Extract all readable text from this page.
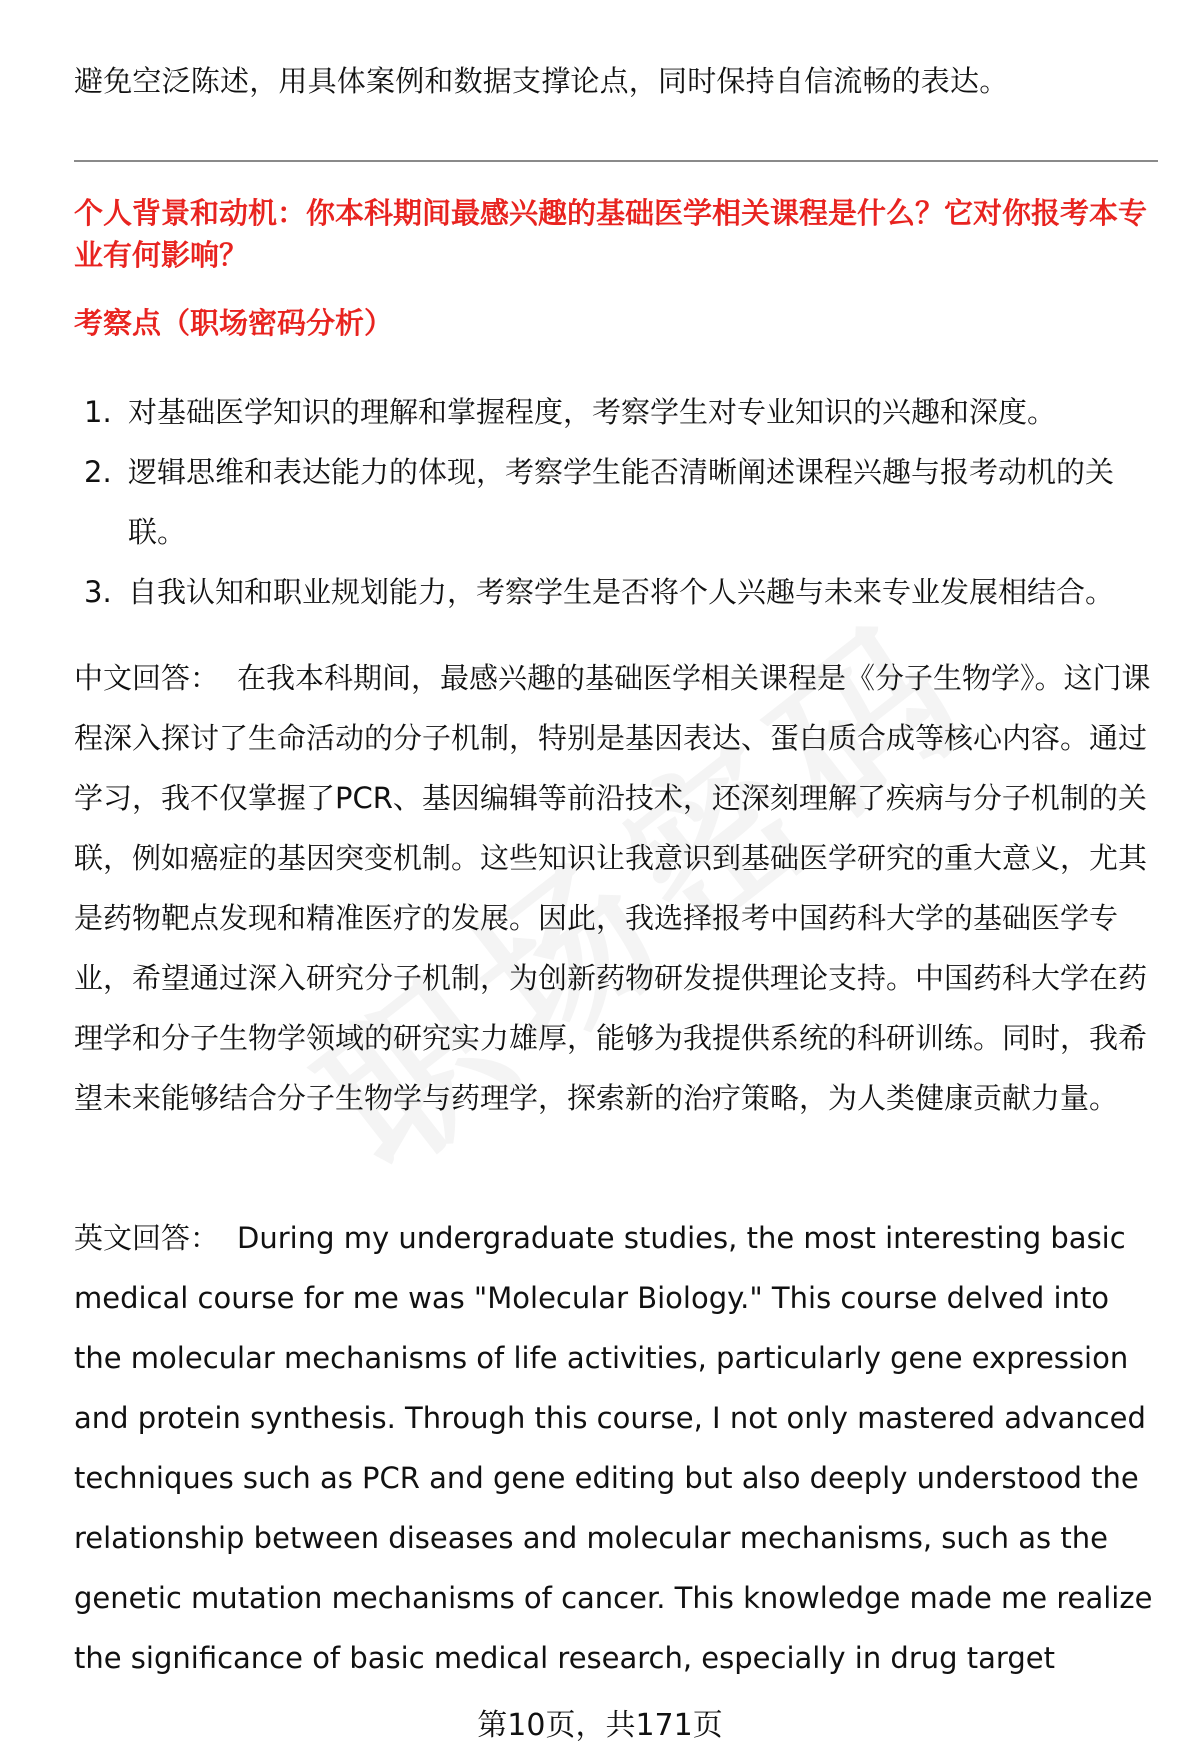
避免空泛陈述，用具体案例和数据支撑论点，同时保持自信流畅的表达。
个人背景和动机：你本科期间最感兴趣的基础医学相关课程是什么？它对你报考本专业有何影响？
考察点（职场密码分析）
1. 对基础医学知识的理解和掌握程度，考察学生对专业知识的兴趣和深度。
2. 逻辑思维和表达能力的体现，考察学生能否清晰阐述课程兴趣与报考动机的关联。
3. 自我认知和职业规划能力，考察学生是否将个人兴趣与未来专业发展相结合。
中文回答： 在我本科期间，最感兴趣的基础医学相关课程是《分子生物学》。这门课程深入探讨了生命活动的分子机制，特别是基因表达、蛋白质合成等核心内容。通过学习，我不仅掌握了PCR、基因编辑等前沿技术，还深刻理解了疾病与分子机制的关联，例如癌症的基因突变机制。这些知识让我意识到基础医学研究的重大意义，尤其是药物靶点发现和精准医疗的发展。因此，我选择报考中国药科大学的基础医学专业，希望通过深入研究分子机制，为创新药物研发提供理论支持。中国药科大学在药理学和分子生物学领域的研究实力雄厚，能够为我提供系统的科研训练。同时，我希望未来能够结合分子生物学与药理学，探索新的治疗策略，为人类健康贡献力量。
英文回答： During my undergraduate studies, the most interesting basic medical course for me was "Molecular Biology." This course delved into the molecular mechanisms of life activities, particularly gene expression and protein synthesis. Through this course, I not only mastered advanced techniques such as PCR and gene editing but also deeply understood the relationship between diseases and molecular mechanisms, such as the genetic mutation mechanisms of cancer. This knowledge made me realize the significance of basic medical research, especially in drug target
第10页，共171页
